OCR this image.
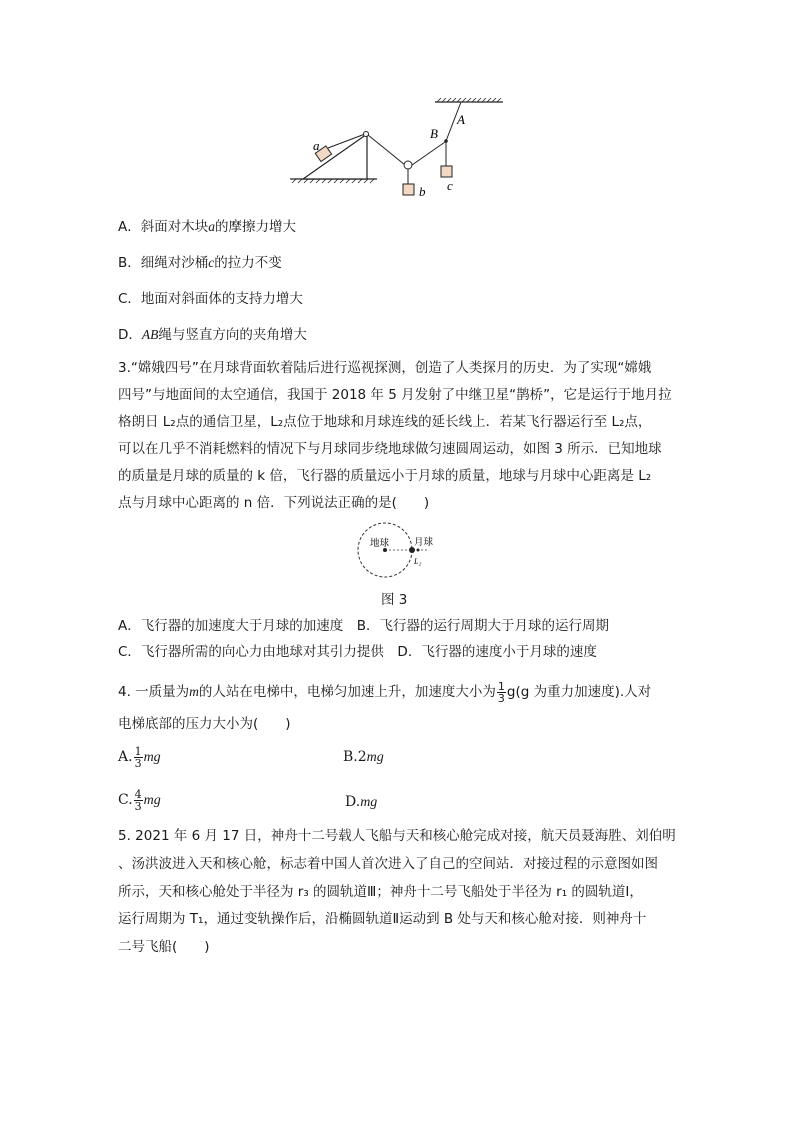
a
b c
A
B
A．斜面对木块a的摩擦力增大
B．细绳对沙桶c的拉力不变
C．地面对斜面体的支持力增大
D．AB绳与竖直方向的夹角增大
3.“嫦娥四号”在月球背面软着陆后进行巡视探测，创造了人类探月的历史．为了实现“嫦娥
四号”与地面间的太空通信，我国于 2018 年 5 月发射了中继卫星“鹊桥”，它是运行于地月拉
格朗日 L₂点的通信卫星，L₂点位于地球和月球连线的延长线上．若某飞行器运行至 L₂点，
可以在几乎不消耗燃料的情况下与月球同步绕地球做匀速圆周运动，如图 3 所示．已知地球
的质量是月球的质量的 k 倍，飞行器的质量远小于月球的质量，地球与月球中心距离是 L₂
点与月球中心距离的 n 倍．下列说法正确的是(　　)
地球	月球
L₂
图 3
A．飞行器的加速度大于月球的加速度　B．飞行器的运行周期大于月球的运行周期
C．飞行器所需的向心力由地球对其引力提供　D．飞行器的速度小于月球的速度
4. 一质量为m的人站在电梯中，电梯匀加速上升，加速度大小为 $\frac{1}{3} g(g$ 为重力加速度).人对
电梯底部的压力大小为(　　)
A. $\frac{1}{3}$ mg	B.2mg
C. $\frac{4}{3}$ mg	D.mg
5. 2021 年 6 月 17 日，神舟十二号载人飞船与天和核心舱完成对接，航天员聂海胜、刘伯明
、汤洪波进入天和核心舱，标志着中国人首次进入了自己的空间站．对接过程的示意图如图
所示，天和核心舱处于半径为 r₃ 的圆轨道Ⅲ；神舟十二号飞船处于半径为 r₁ 的圆轨道Ⅰ，
运行周期为 T₁，通过变轨操作后，沿椭圆轨道Ⅱ运动到 B 处与天和核心舱对接．则神舟十
二号飞船(　　)
